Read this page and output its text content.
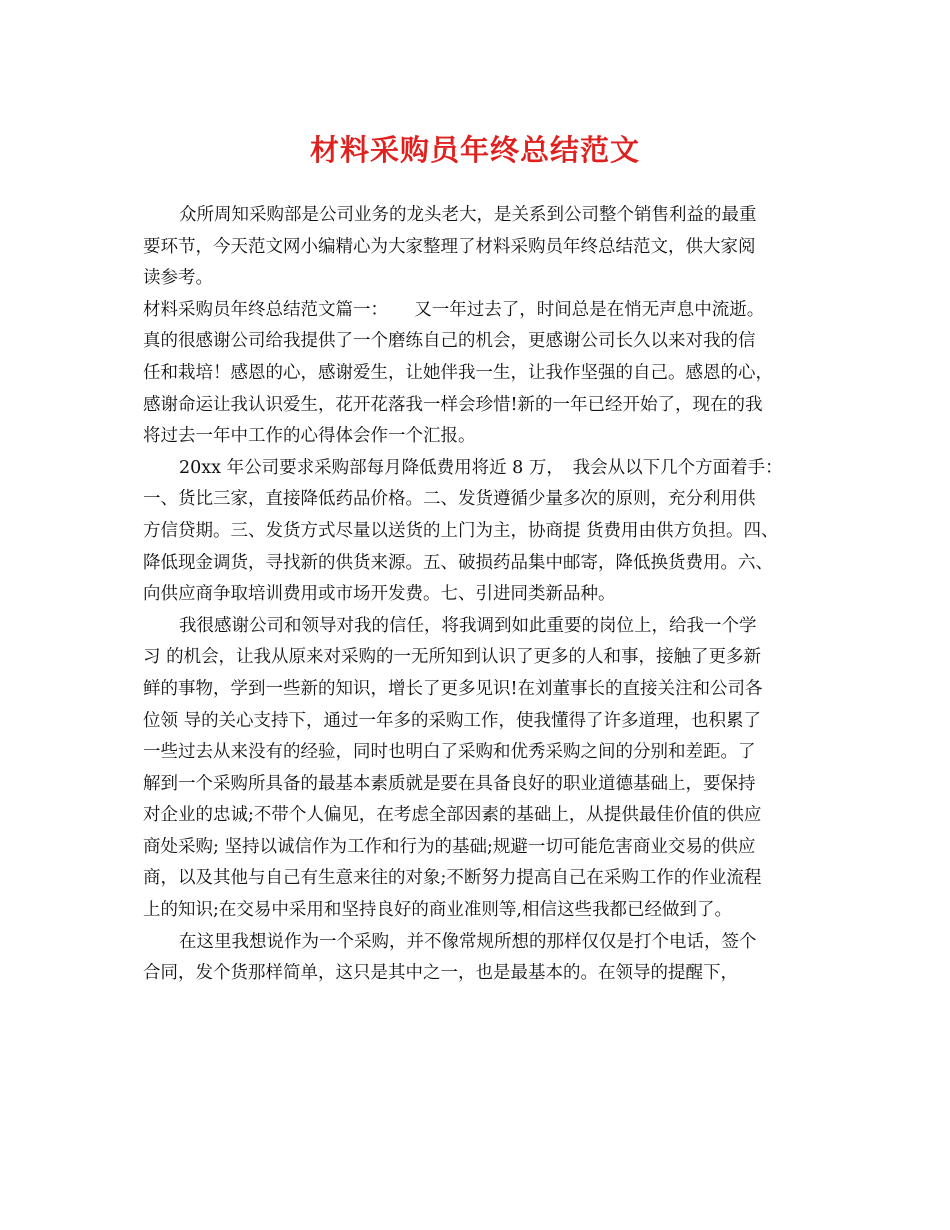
材料采购员年终总结范文
众所周知采购部是公司业务的龙头老大，是关系到公司整个销售利益的最重
要环节，今天范文网小编精心为大家整理了材料采购员年终总结范文，供大家阅
读参考。
材料采购员年终总结范文篇一：　　又一年过去了，时间总是在悄无声息中流逝。
真的很感谢公司给我提供了一个磨练自己的机会，更感谢公司长久以来对我的信
任和栽培！感恩的心，感谢爱生，让她伴我一生，让我作坚强的自己。感恩的心，
感谢命运让我认识爱生，花开花落我一样会珍惜!新的一年已经开始了，现在的我
将过去一年中工作的心得体会作一个汇报。
20xx 年公司要求采购部每月降低费用将近 8 万，　我会从以下几个方面着手：
一、货比三家，直接降低药品价格。二、发货遵循少量多次的原则，充分利用供
方信贷期。三、发货方式尽量以送货的上门为主，协商提 货费用由供方负担。四、
降低现金调货，寻找新的供货来源。五、破损药品集中邮寄，降低换货费用。六、
向供应商争取培训费用或市场开发费。七、引进同类新品种。
我很感谢公司和领导对我的信任，将我调到如此重要的岗位上，给我一个学
习 的机会，让我从原来对采购的一无所知到认识了更多的人和事，接触了更多新
鲜的事物，学到一些新的知识，增长了更多见识!在刘董事长的直接关注和公司各
位领 导的关心支持下，通过一年多的采购工作，使我懂得了许多道理，也积累了
一些过去从来没有的经验，同时也明白了采购和优秀采购之间的分别和差距。了
解到一个采购所具备的最基本素质就是要在具备良好的职业道德基础上，要保持
对企业的忠诚;不带个人偏见，在考虑全部因素的基础上，从提供最佳价值的供应
商处采购; 坚持以诚信作为工作和行为的基础;规避一切可能危害商业交易的供应
商，以及其他与自己有生意来往的对象;不断努力提高自己在采购工作的作业流程
上的知识;在交易中采用和坚持良好的商业准则等,相信这些我都已经做到了。
在这里我想说作为一个采购，并不像常规所想的那样仅仅是打个电话，签个
合同，发个货那样简单，这只是其中之一，也是最基本的。在领导的提醒下，
